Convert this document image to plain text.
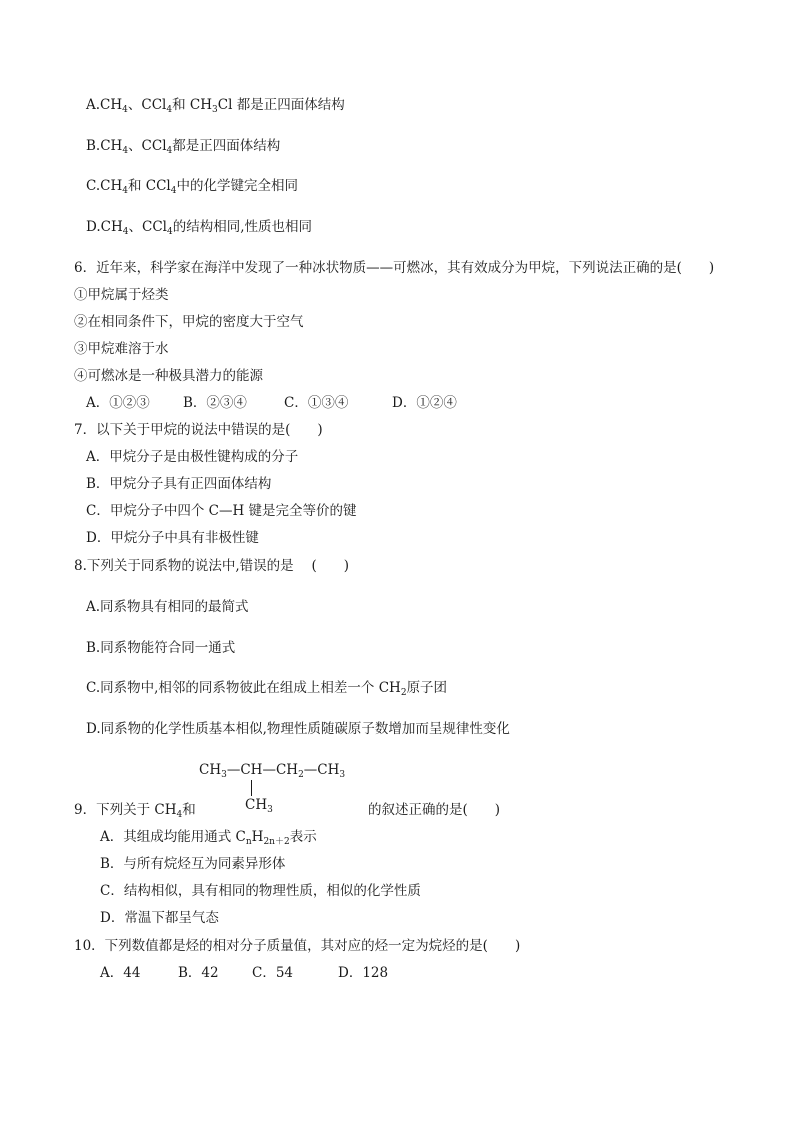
$A.CH_4$、CCl$_4$和 $CH_3Cl$ 都是正四面体结构
$B.CH_4$、CCl$_4$都是正四面体结构
$C.CH_4$和 CCl$_4$中的化学键完全相同
$D.CH_4$、CCl$_4$的结构相同,性质也相同
6．近年来，科学家在海洋中发现了一种冰状物质——可燃冰，其有效成分为甲烷，下列说法正确的是(　　)
①甲烷属于烃类
②在相同条件下，甲烷的密度大于空气
③甲烷难溶于水
④可燃冰是一种极具潜力的能源
A．①②③ B．②③④	C．①③④	D．①②④
7．以下关于甲烷的说法中错误的是(　　)
A．甲烷分子是由极性键构成的分子
B．甲烷分子具有正四面体结构
C．甲烷分子中四个 C—H 键是完全等价的键
D．甲烷分子中具有非极性键
8.下列关于同系物的说法中,错误的是　 (　　)
A.同系物具有相同的最简式
B.同系物能符合同一通式
C.同系物中,相邻的同系物彼此在组成上相差一个 $CH_2$原子团
D.同系物的化学性质基本相似,物理性质随碳原子数增加而呈规律性变化
$CH_3—CH—CH_2—CH_3$
$CH_3$
9．下列关于 $CH_4$和	的叙述正确的是(　　)
A．其组成均能用通式 $C_nH_{2n+2}$表示
B．与所有烷烃互为同素异形体
C．结构相似，具有相同的物理性质，相似的化学性质
D．常温下都呈气态
10．下列数值都是烃的相对分子质量值，其对应的烃一定为烷烃的是(　　)
A．44	B．42 C．54	D．128
